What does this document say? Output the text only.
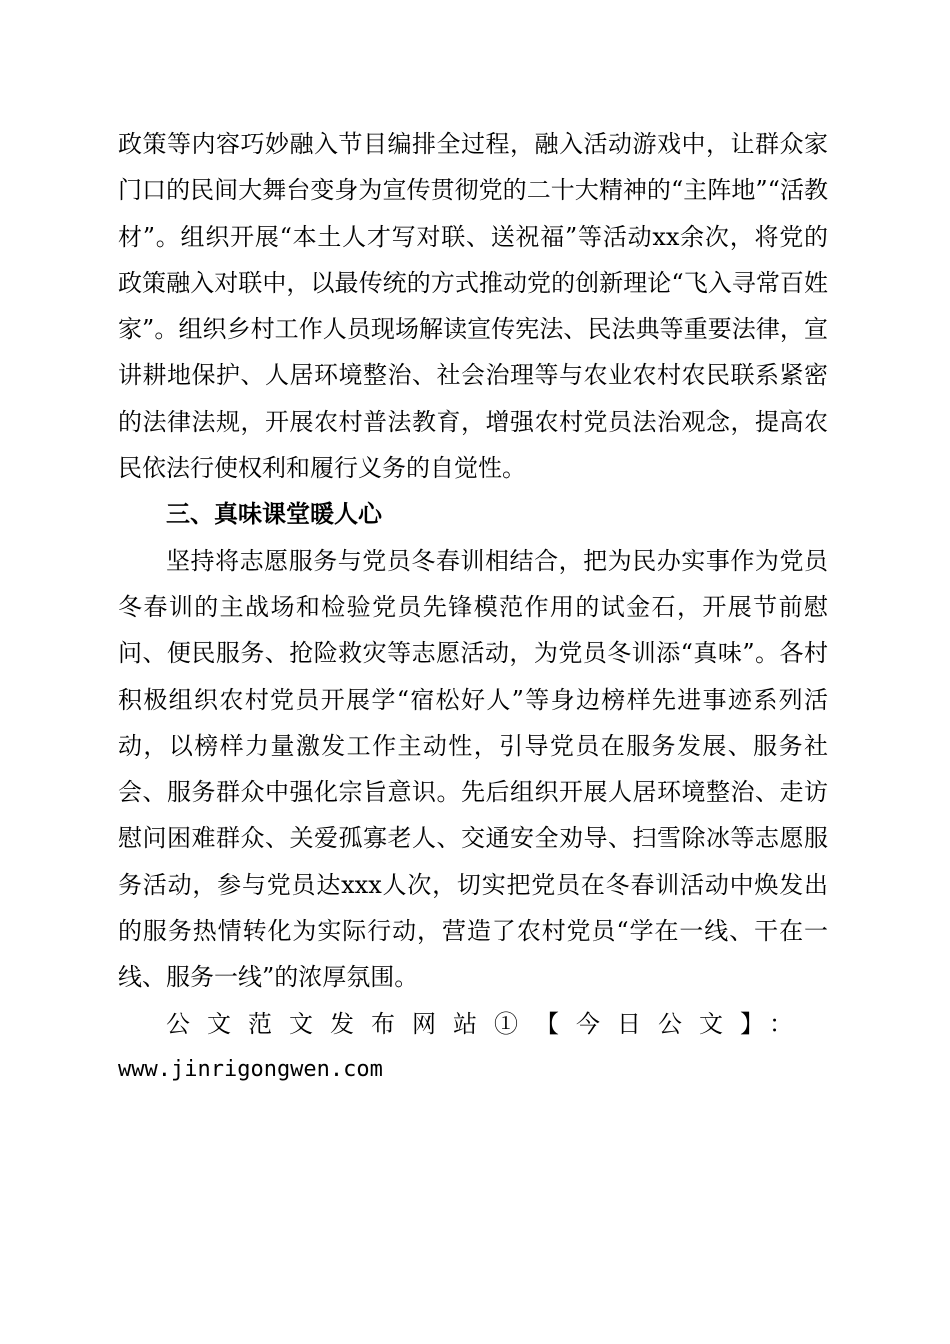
政策等内容巧妙融入节目编排全过程，融入活动游戏中，让群众家门口的民间大舞台变身为宣传贯彻党的二十大精神的“主阵地”“活教材”。组织开展“本土人才写对联、送祝福”等活动xx余次，将党的政策融入对联中，以最传统的方式推动党的创新理论“飞入寻常百姓家”。组织乡村工作人员现场解读宣传宪法、民法典等重要法律，宣讲耕地保护、人居环境整治、社会治理等与农业农村农民联系紧密的法律法规，开展农村普法教育，增强农村党员法治观念，提高农民依法行使权利和履行义务的自觉性。

三、真味课堂暖人心

坚持将志愿服务与党员冬春训相结合，把为民办实事作为党员冬春训的主战场和检验党员先锋模范作用的试金石，开展节前慰问、便民服务、抢险救灾等志愿活动，为党员冬训添“真味”。各村积极组织农村党员开展学“宿松好人”等身边榜样先进事迹系列活动，以榜样力量激发工作主动性，引导党员在服务发展、服务社会、服务群众中强化宗旨意识。先后组织开展人居环境整治、走访慰问困难群众、关爱孤寡老人、交通安全劝导、扫雪除冰等志愿服务活动，参与党员达xxx人次，切实把党员在冬春训活动中焕发出的服务热情转化为实际行动，营造了农村党员“学在一线、干在一线、服务一线”的浓厚氛围。

公文范文发布网站①【今日公文】：

www.jinrigongwen.com
